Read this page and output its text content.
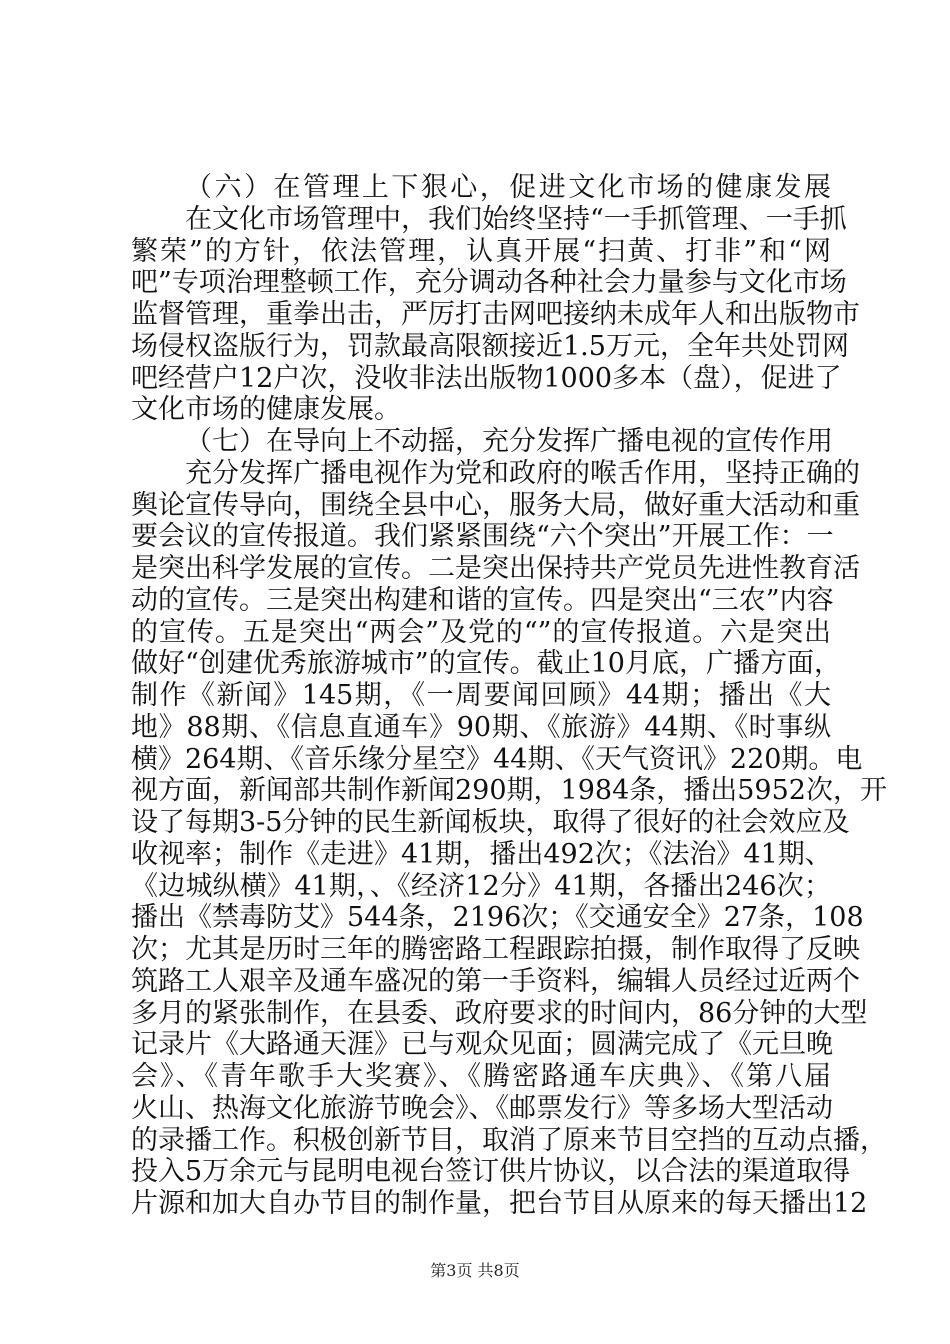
（六）在管理上下狠心，促进文化市场的健康发展
在文化市场管理中，我们始终坚持“一手抓管理、一手抓
繁荣”的方针，依法管理，认真开展“扫黄、打非”和“网
吧”专项治理整顿工作，充分调动各种社会力量参与文化市场
监督管理，重拳出击，严厉打击网吧接纳未成年人和出版物市
场侵权盗版行为，罚款最高限额接近1.5万元，全年共处罚网
吧经营户12户次，没收非法出版物1000多本（盘），促进了
文化市场的健康发展。
（七）在导向上不动摇，充分发挥广播电视的宣传作用
充分发挥广播电视作为党和政府的喉舌作用，坚持正确的
舆论宣传导向，围绕全县中心，服务大局，做好重大活动和重
要会议的宣传报道。我们紧紧围绕“六个突出”开展工作：一
是突出科学发展的宣传。二是突出保持共产党员先进性教育活
动的宣传。三是突出构建和谐的宣传。四是突出“三农”内容
的宣传。五是突出“两会”及党的“”的宣传报道。六是突出
做好“创建优秀旅游城市”的宣传。截止10月底，广播方面，
制作《新闻》145期，《一周要闻回顾》44期；播出《大
地》88期、《信息直通车》90期、《旅游》44期、《时事纵
横》264期、《音乐缘分星空》44期、《天气资讯》220期。电
视方面，新闻部共制作新闻290期，1984条，播出5952次，开
设了每期3-5分钟的民生新闻板块，取得了很好的社会效应及
收视率；制作《走进》41期，播出492次；《法治》41期、
《边城纵横》41期，、《经济12分》41期，各播出246次；
播出《禁毒防艾》544条，2196次；《交通安全》27条，108
次；尤其是历时三年的腾密路工程跟踪拍摄，制作取得了反映
筑路工人艰辛及通车盛况的第一手资料，编辑人员经过近两个
多月的紧张制作，在县委、政府要求的时间内，86分钟的大型
记录片《大路通天涯》已与观众见面；圆满完成了《元旦晚
会》、《青年歌手大奖赛》、《腾密路通车庆典》、《第八届
火山、热海文化旅游节晚会》、《邮票发行》等多场大型活动
的录播工作。积极创新节目，取消了原来节目空挡的互动点播，
投入5万余元与昆明电视台签订供片协议，以合法的渠道取得
片源和加大自办节目的制作量，把台节目从原来的每天播出12
第3页 共8页
